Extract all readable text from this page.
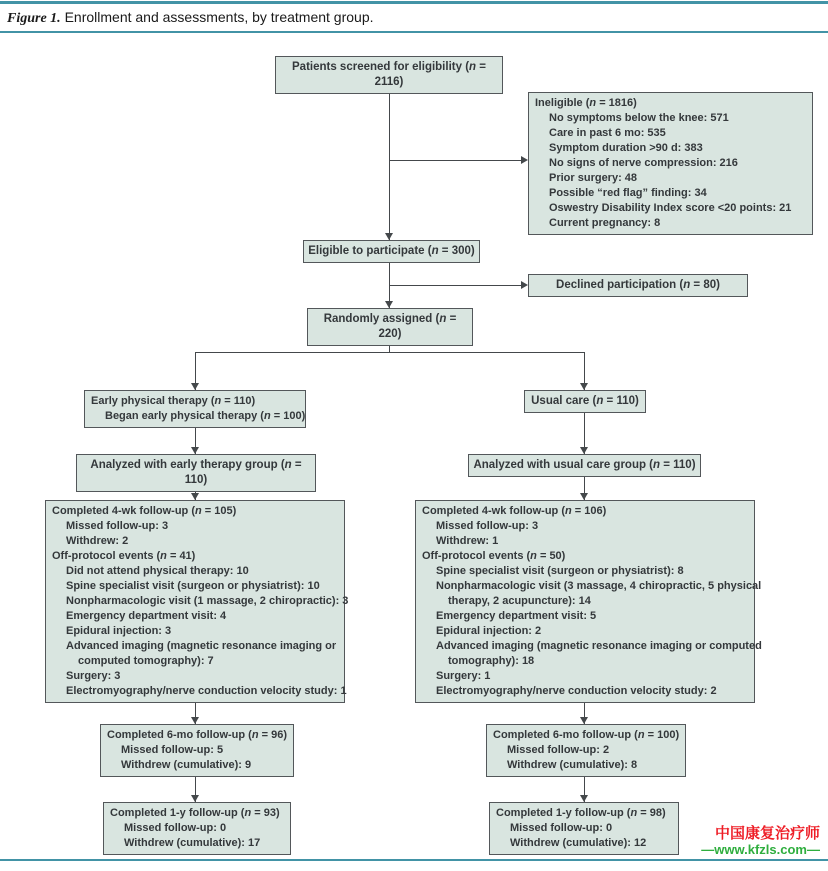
Figure 1. Enrollment and assessments, by treatment group.
Patients screened for eligibility (n = 2116)
Ineligible (n = 1816)
No symptoms below the knee: 571
Care in past 6 mo: 535
Symptom duration >90 d: 383
No signs of nerve compression: 216
Prior surgery: 48
Possible “red flag” finding: 34
Oswestry Disability Index score <20 points: 21
Current pregnancy: 8
Eligible to participate (n = 300)
Declined participation (n = 80)
Randomly assigned (n = 220)
Early physical therapy (n = 110)
Began early physical therapy (n = 100)
Usual care (n = 110)
Analyzed with early therapy group (n = 110)
Analyzed with usual care group (n = 110)
Completed 4-wk follow-up (n = 105)
Missed follow-up: 3
Withdrew: 2
Off-protocol events (n = 41)
Did not attend physical therapy: 10
Spine specialist visit (surgeon or physiatrist): 10
Nonpharmacologic visit (1 massage, 2 chiropractic): 3
Emergency department visit: 4
Epidural injection: 3
Advanced imaging (magnetic resonance imaging or
computed tomography): 7
Surgery: 3
Electromyography/nerve conduction velocity study: 1
Completed 4-wk follow-up (n = 106)
Missed follow-up: 3
Withdrew: 1
Off-protocol events (n = 50)
Spine specialist visit (surgeon or physiatrist): 8
Nonpharmacologic visit (3 massage, 4 chiropractic, 5 physical
therapy, 2 acupuncture): 14
Emergency department visit: 5
Epidural injection: 2
Advanced imaging (magnetic resonance imaging or computed
tomography): 18
Surgery: 1
Electromyography/nerve conduction velocity study: 2
Completed 6-mo follow-up (n = 96)
Missed follow-up: 5
Withdrew (cumulative): 9
Completed 6-mo follow-up (n = 100)
Missed follow-up: 2
Withdrew (cumulative): 8
Completed 1-y follow-up (n = 93)
Missed follow-up: 0
Withdrew (cumulative): 17
Completed 1-y follow-up (n = 98)
Missed follow-up: 0
Withdrew (cumulative): 12
中国康复治疗师
—www.kfzls.com—
